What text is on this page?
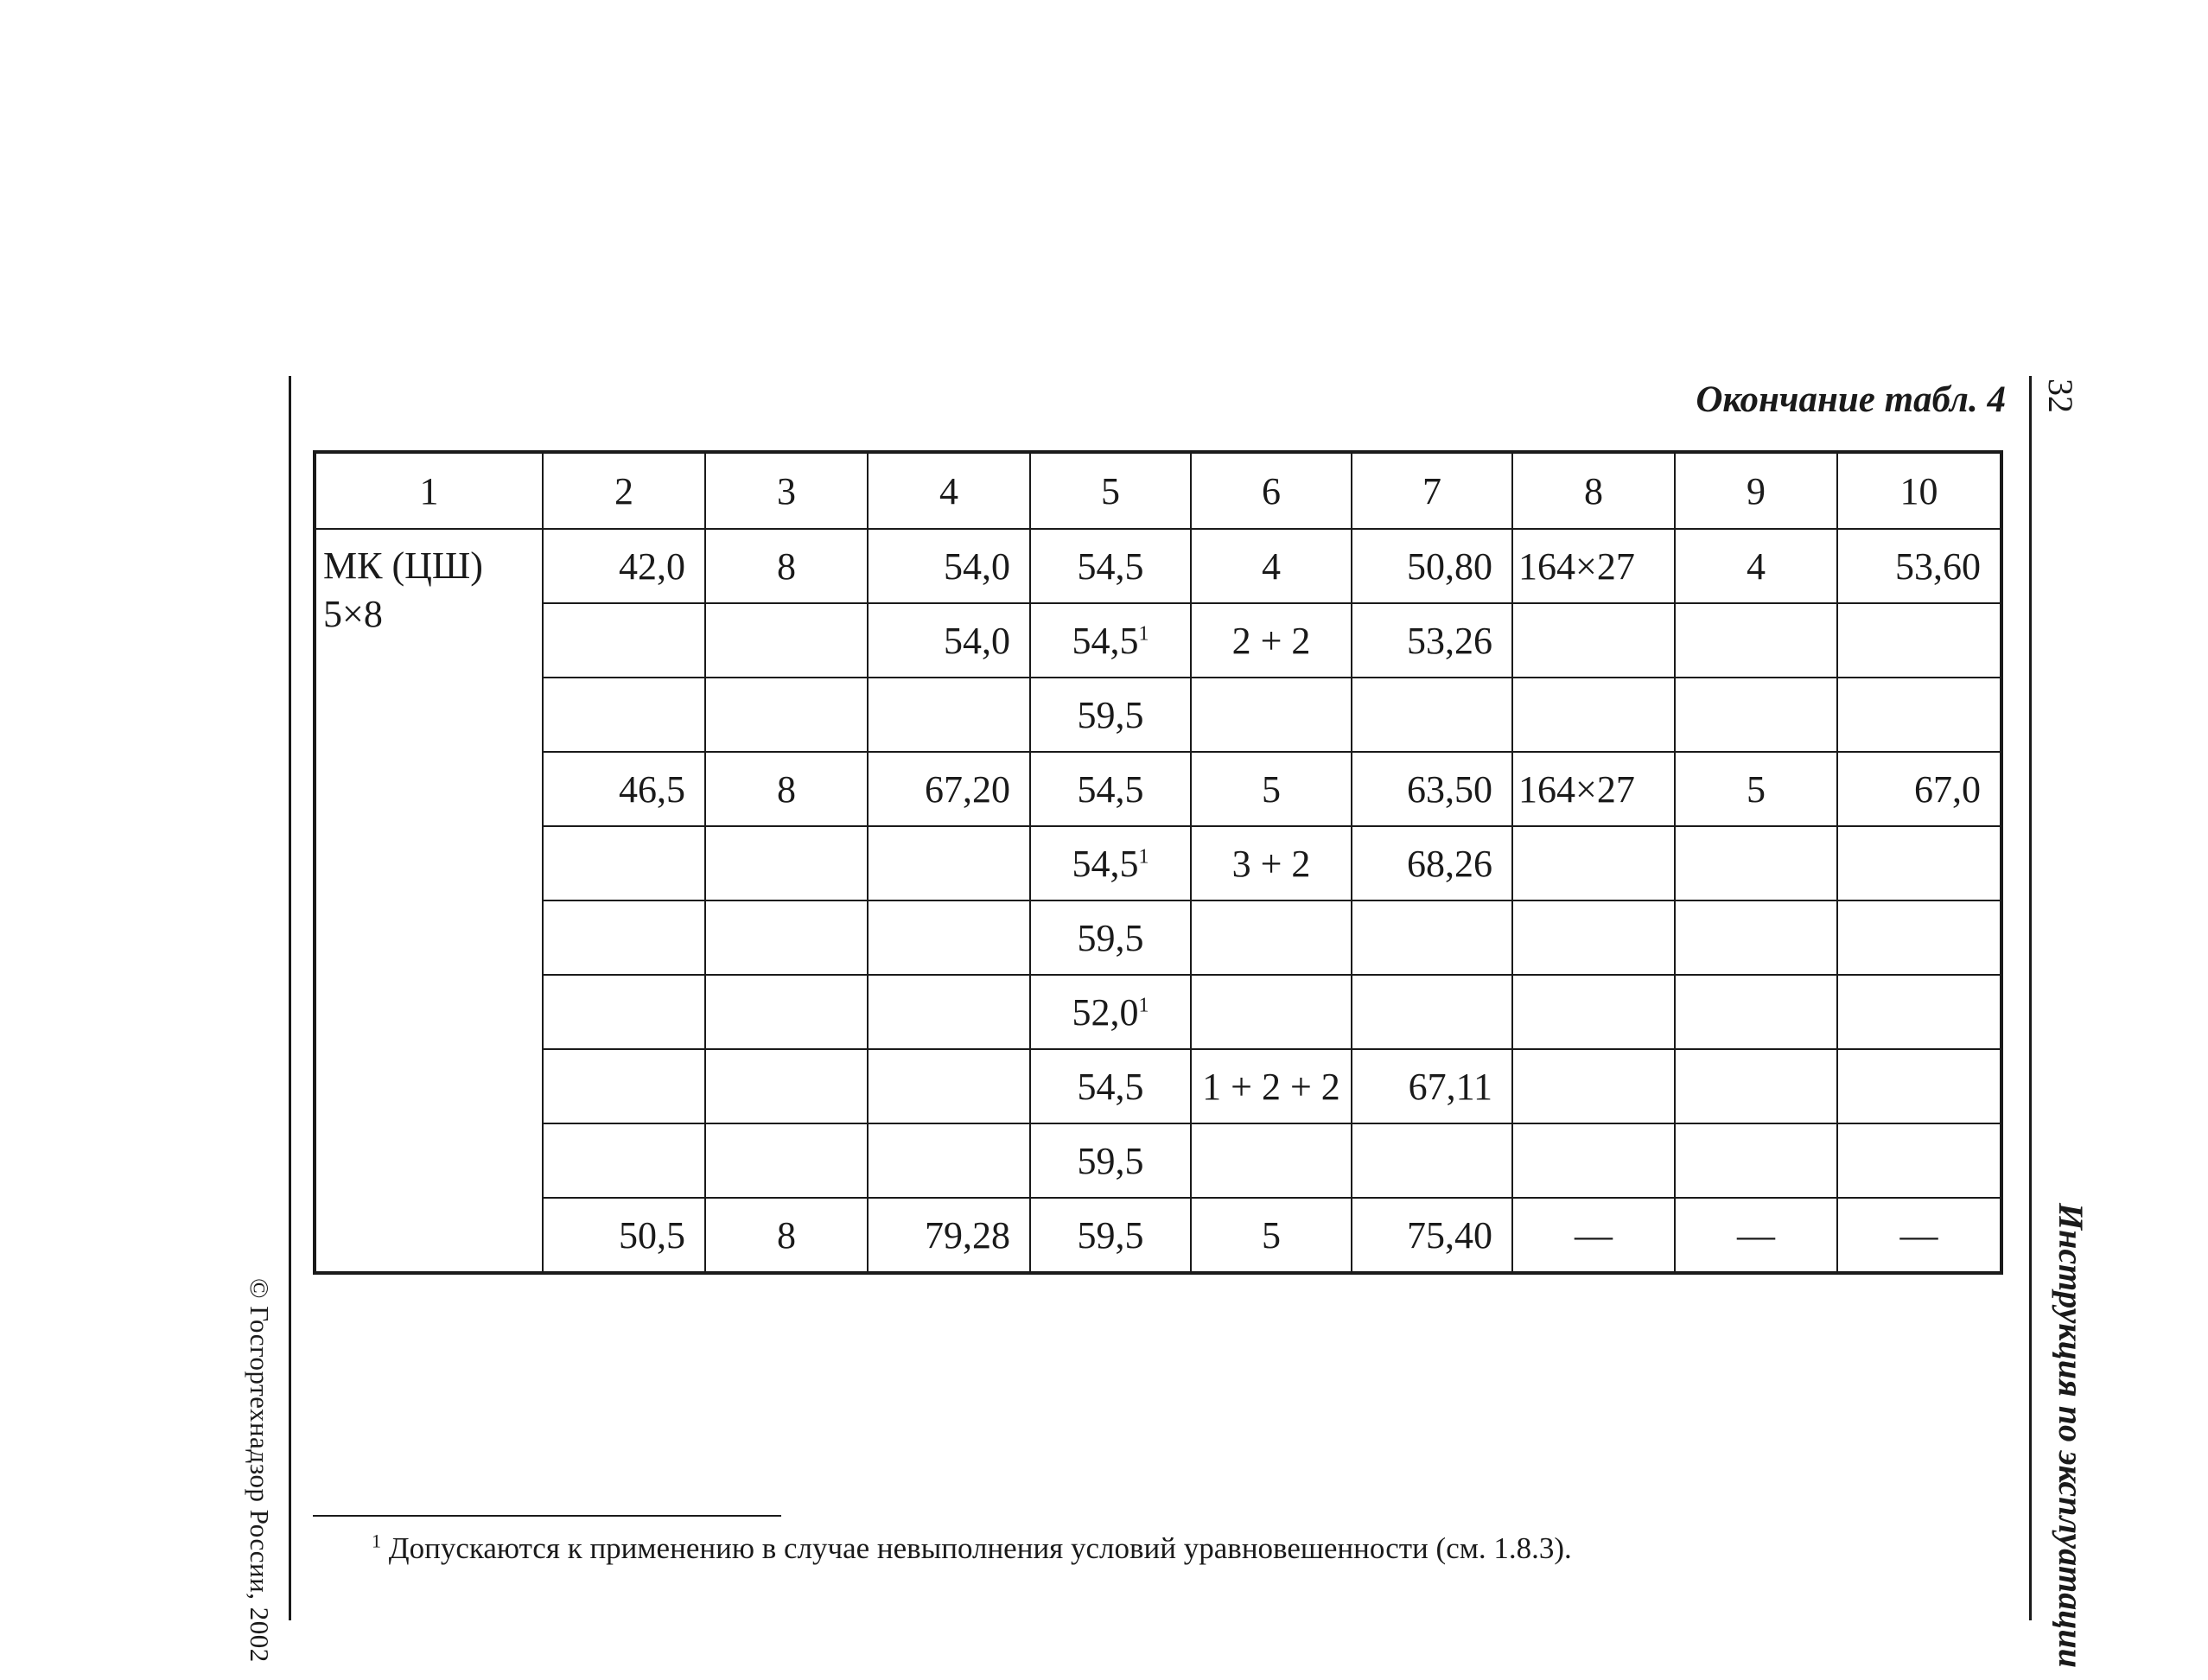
© Госгортехнадзор России, 2002
32
Инструкция по эксплуатации
Окончание табл. 4
1	2	3	4	5	6	7	8	9	10

МК (ЦШ)
5×8	42,0	8	54,0	54,5	4	50,80	164×27	4	53,60
			54,0	54,5$^1$	2 + 2	53,26			
				59,5					
	46,5	8	67,20	54,5	5	63,50	164×27	5	67,0
				54,5$^1$	3 + 2	68,26			
				59,5					
				52,0$^1$					
				54,5	1 + 2 + 2	67,11			
				59,5					
	50,5	8	79,28	59,5	5	75,40	—	—	—
$^1$ Допускаются к применению в случае невыполнения условий уравновешенности (см. 1.8.3).
